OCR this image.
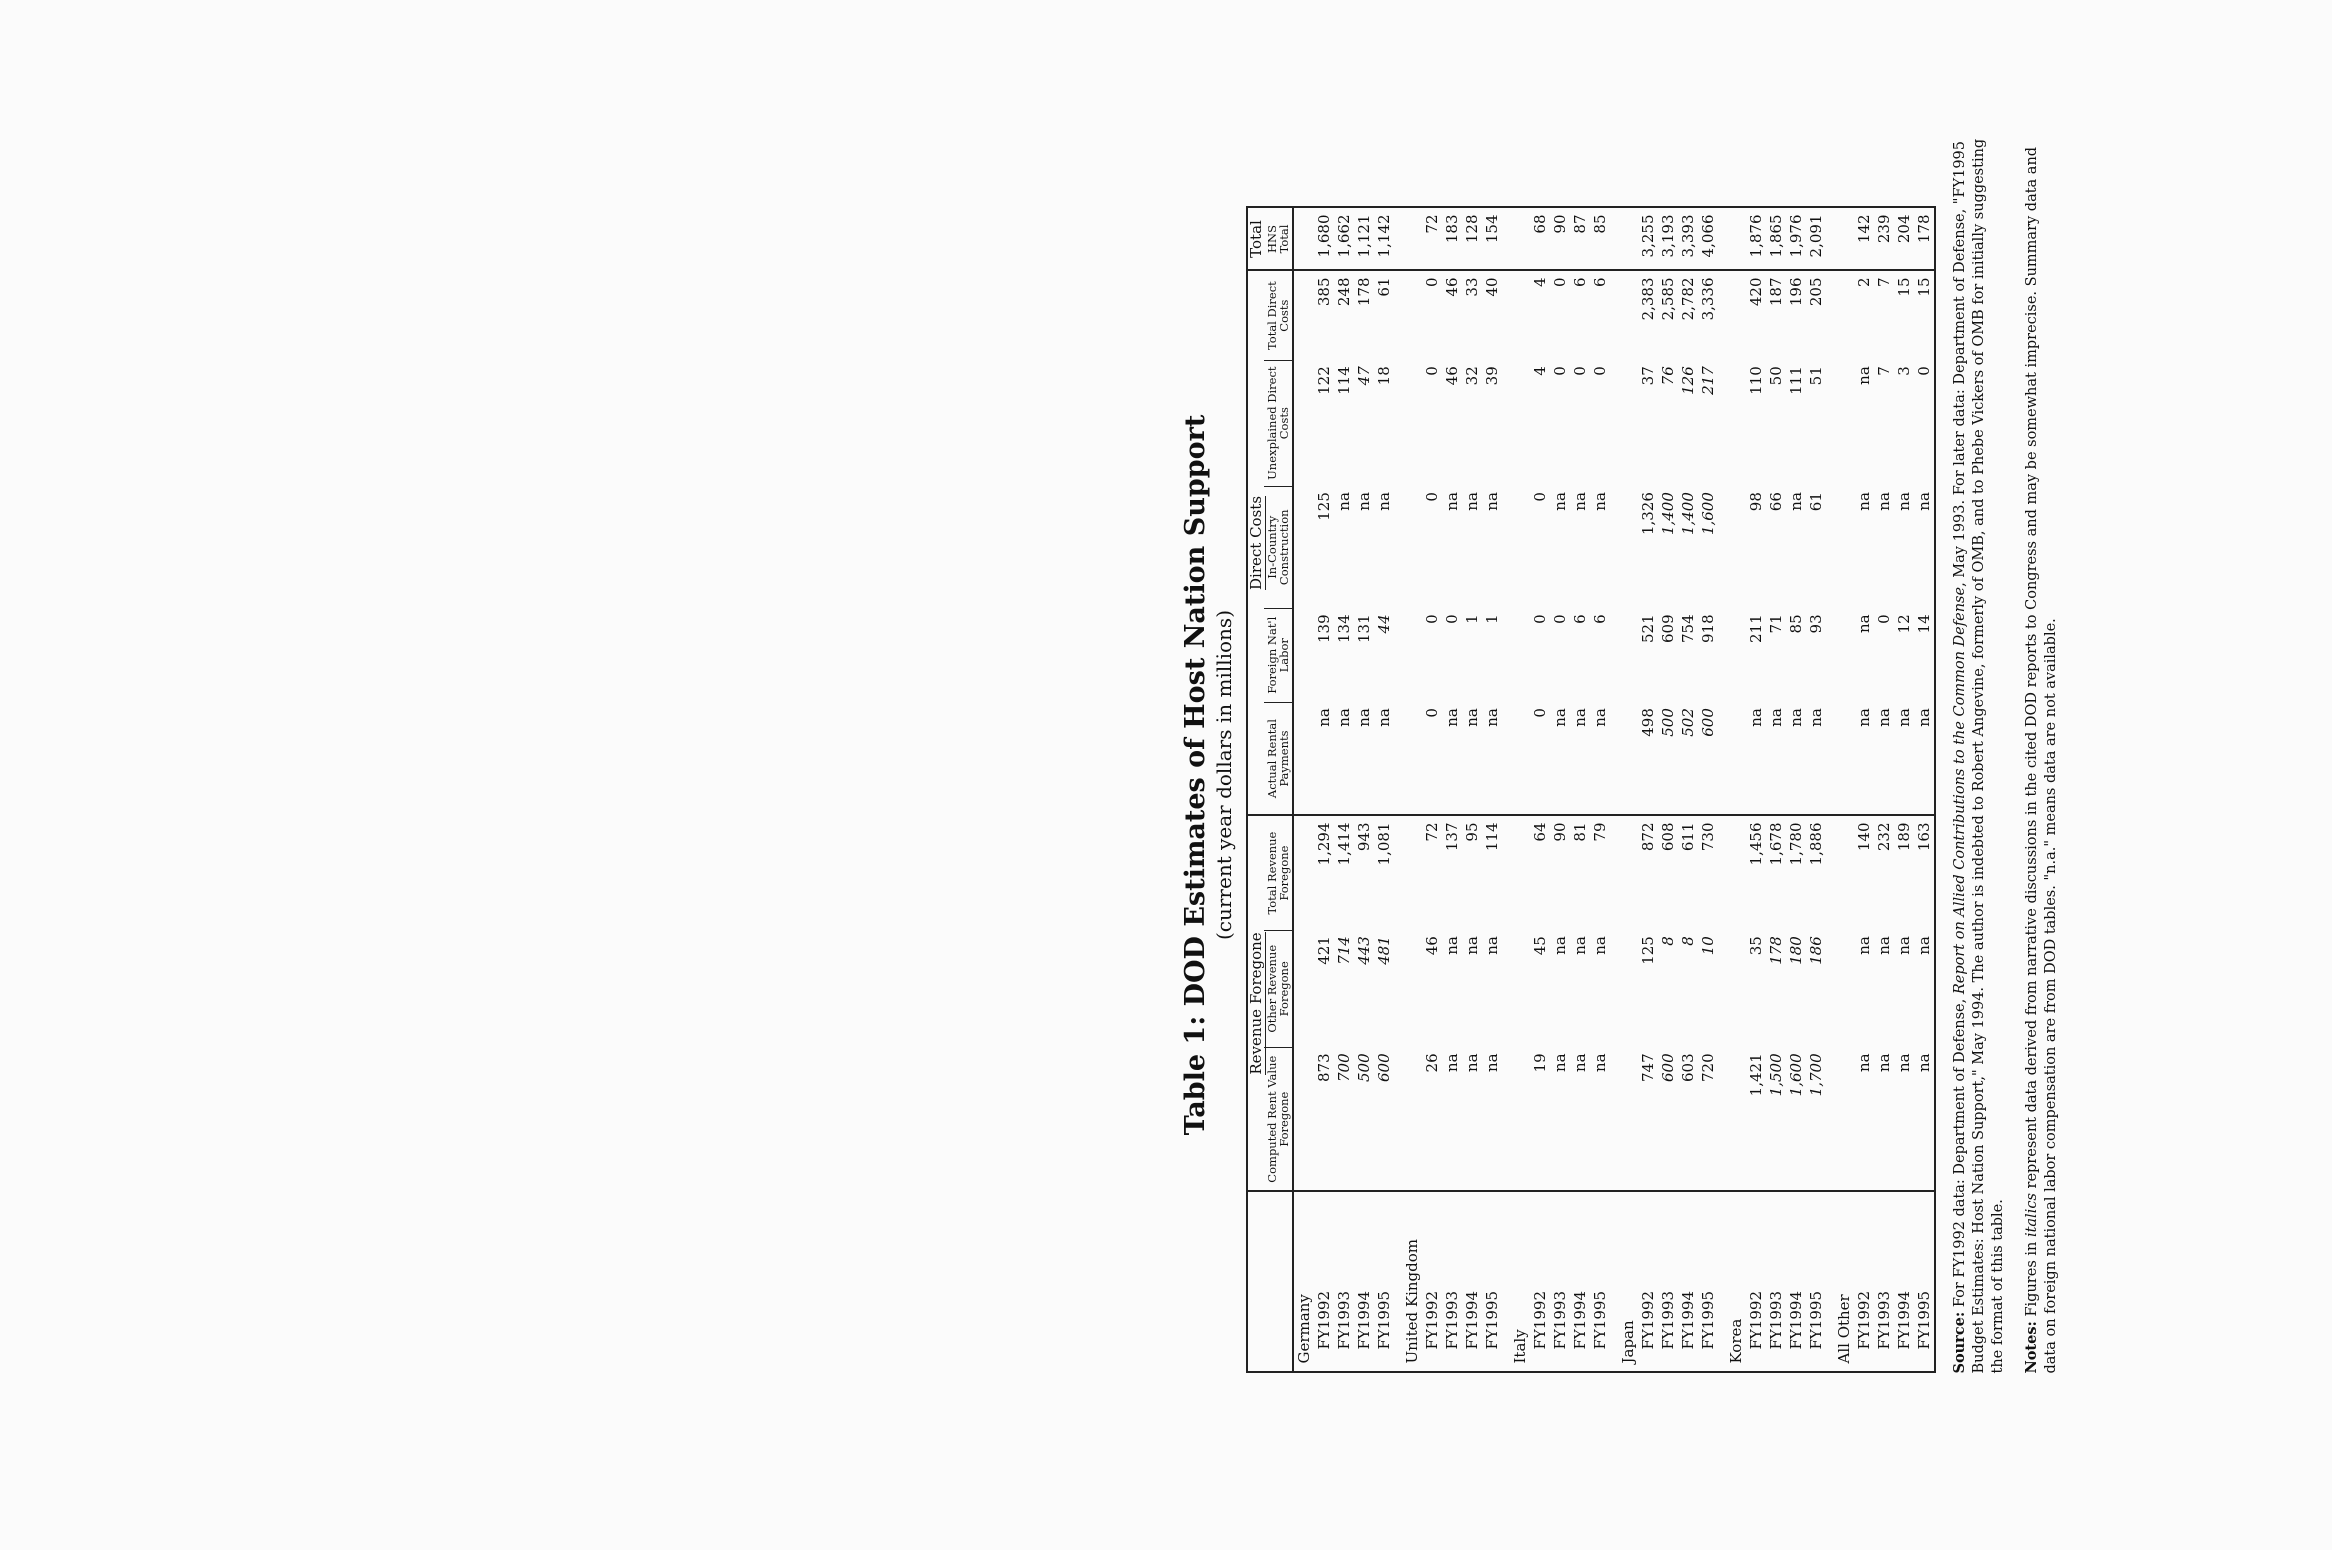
Table 1: DOD Estimates of Host Nation Support (current year dollars in millions)
	Revenue Foregone			Direct Costs					Total
	Computed Rent Value Foregone	Other Revenue Foregone	Total Revenue Foregone	Actual Rental Payments	Foreign Nat'l Labor	In-Country Construction	Unexplained Direct Costs	Total Direct Costs	HNS Total
Germany									
FY1992	873	421	1,294	na	139	125	122	385	1,680
FY1993	700	714	1,414	na	134	na	114	248	1,662
FY1994	500	443	943	na	131	na	47	178	1,121
FY1995	600	481	1,081	na	44	na	18	61	1,142

United Kingdom									
FY1992	26	46	72	0	0	0	0	0	72
FY1993	na	na	137	na	0	na	46	46	183
FY1994	na	na	95	na	1	na	32	33	128
FY1995	na	na	114	na	1	na	39	40	154

Italy									
FY1992	19	45	64	0	0	0	4	4	68
FY1993	na	na	90	na	0	na	0	0	90
FY1994	na	na	81	na	6	na	0	6	87
FY1995	na	na	79	na	6	na	0	6	85

Japan									
FY1992	747	125	872	498	521	1,326	37	2,383	3,255
FY1993	600	8	608	500	609	1,400	76	2,585	3,193
FY1994	603	8	611	502	754	1,400	126	2,782	3,393
FY1995	720	10	730	600	918	1,600	217	3,336	4,066

Korea									
FY1992	1,421	35	1,456	na	211	98	110	420	1,876
FY1993	1,500	178	1,678	na	71	66	50	187	1,865
FY1994	1,600	180	1,780	na	85	na	111	196	1,976
FY1995	1,700	186	1,886	na	93	61	51	205	2,091

All Other									
FY1992	na	na	140	na	na	na	na	2	142
FY1993	na	na	232	na	0	na	7	7	239
FY1994	na	na	189	na	12	na	3	15	204
FY1995	na	na	163	na	14	na	0	15	178

Source: For FY1992 data: Department of Defense, Report on Allied Contributions to the Common Defense, May 1993. For later data: Department of Defense, "FY1995 Budget Estimates: Host Nation Support," May 1994. The author is indebted to Robert Angevine, formerly of OMB, and to Phebe Vickers of OMB for initially suggesting the format of this table. Notes: Figures in italics represent data derived from narrative discussions in the cited DOD reports to Congress and may be somewhat imprecise. Summary data and data on foreign national labor compensation are from DOD tables. "n.a." means data are not available.
